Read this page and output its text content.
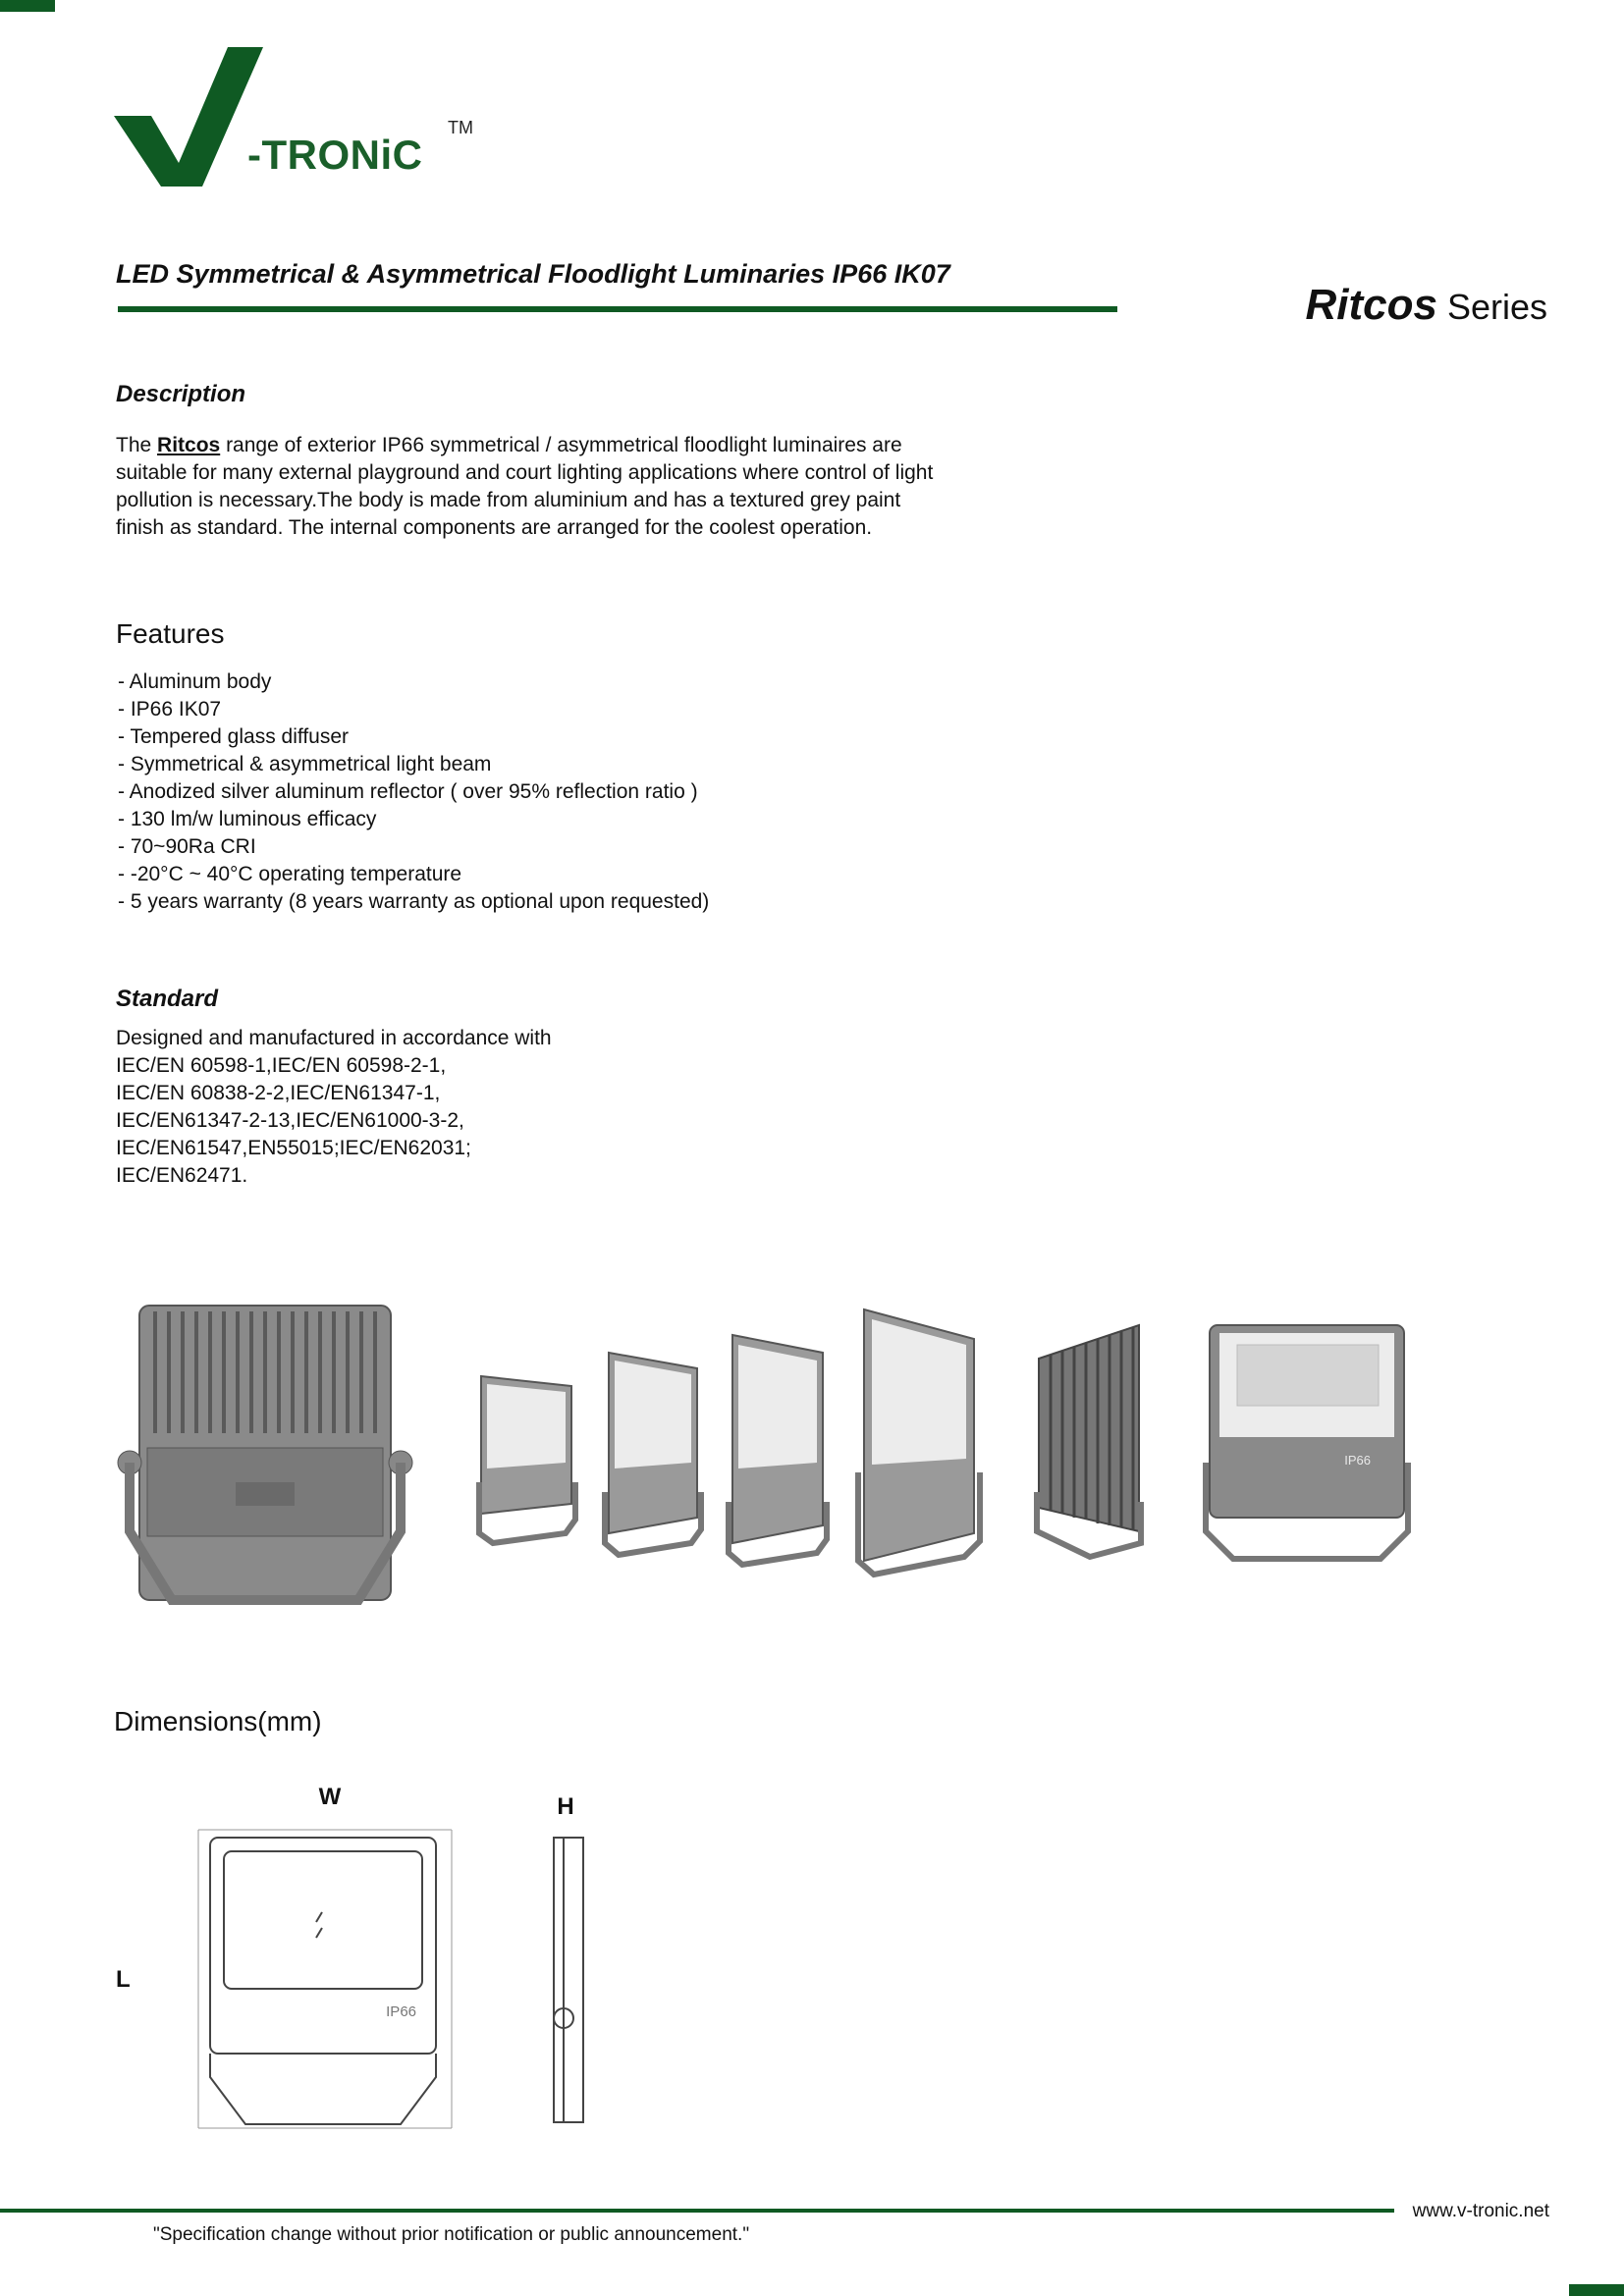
-TRONiC
TM
LED Symmetrical & Asymmetrical Floodlight Luminaries IP66 IK07
Ritcos Series
Description

The Ritcos range of exterior IP66 symmetrical / asymmetrical floodlight luminaires are

suitable for many external playground and court lighting applications where control of light

pollution is necessary.The body is made from aluminium and has a textured grey paint

finish as standard. The internal components are arranged for the coolest operation.

Features
- Aluminum body
- IP66 IK07
- Tempered glass diffuser
- Symmetrical & asymmetrical light beam
- Anodized silver aluminum reflector ( over 95% reflection ratio )
- 130 lm/w luminous efficacy
- 70~90Ra CRI
- -20°C ~ 40°C operating temperature
- 5 years warranty (8 years warranty as optional upon requested)
Standard

Designed and manufactured in accordance with

IEC/EN 60598-1,IEC/EN 60598-2-1,

IEC/EN 60838-2-2,IEC/EN61347-1,

IEC/EN61347-2-13,IEC/EN61000-3-2,

IEC/EN61547,EN55015;IEC/EN62031;

IEC/EN62471.

IP66
Dimensions(mm)
IP66
W
L
H
www.v-tronic.net
"Specification change without prior notification or public announcement."
